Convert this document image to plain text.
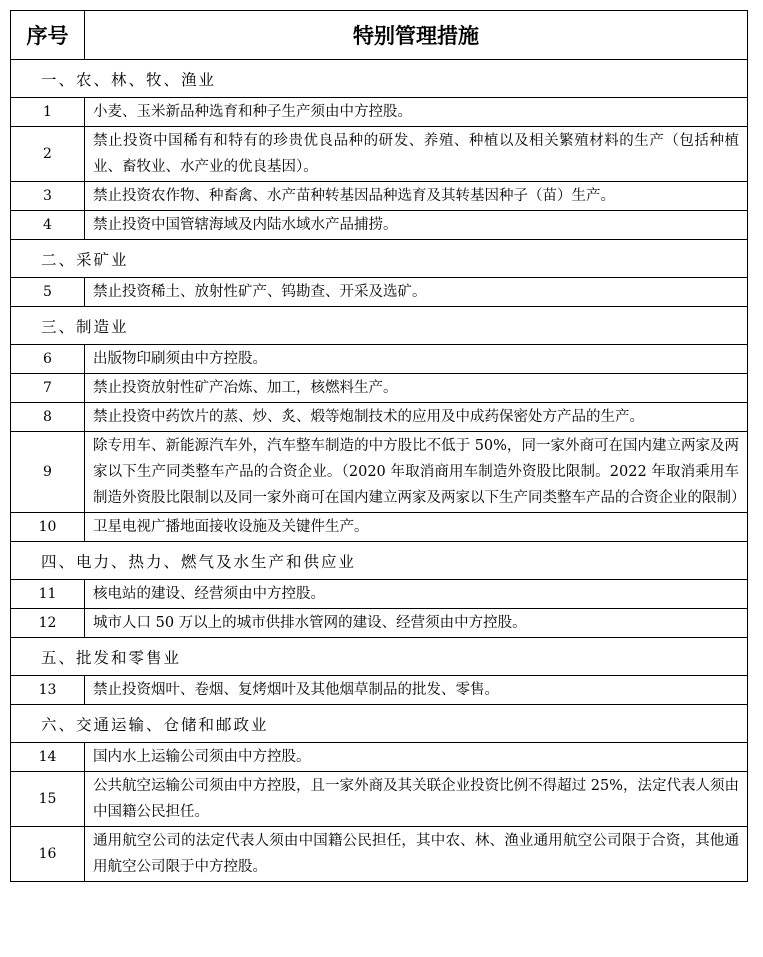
序号	特别管理措施
一、农、林、牧、渔业	
1	小麦、玉米新品种选育和种子生产须由中方控股。
2	禁止投资中国稀有和特有的珍贵优良品种的研发、养殖、种植以及相关繁殖材料的生产（包括种植业、畜牧业、水产业的优良基因）。
3	禁止投资农作物、种畜禽、水产苗种转基因品种选育及其转基因种子（苗）生产。
4	禁止投资中国管辖海域及内陆水域水产品捕捞。
二、采矿业	
5	禁止投资稀土、放射性矿产、钨勘查、开采及选矿。
三、制造业	
6	出版物印刷须由中方控股。
7	禁止投资放射性矿产冶炼、加工，核燃料生产。
8	禁止投资中药饮片的蒸、炒、炙、煅等炮制技术的应用及中成药保密处方产品的生产。
9	除专用车、新能源汽车外，汽车整车制造的中方股比不低于 50%，同一家外商可在国内建立两家及两家以下生产同类整车产品的合资企业。（2020 年取消商用车制造外资股比限制。2022 年取消乘用车制造外资股比限制以及同一家外商可在国内建立两家及两家以下生产同类整车产品的合资企业的限制）
10	卫星电视广播地面接收设施及关键件生产。
四、电力、热力、燃气及水生产和供应业	
11	核电站的建设、经营须由中方控股。
12	城市人口 50 万以上的城市供排水管网的建设、经营须由中方控股。
五、批发和零售业	
13	禁止投资烟叶、卷烟、复烤烟叶及其他烟草制品的批发、零售。
六、交通运输、仓储和邮政业	
14	国内水上运输公司须由中方控股。
15	公共航空运输公司须由中方控股，且一家外商及其关联企业投资比例不得超过 25%，法定代表人须由中国籍公民担任。
16	通用航空公司的法定代表人须由中国籍公民担任，其中农、林、渔业通用航空公司限于合资，其他通用航空公司限于中方控股。
